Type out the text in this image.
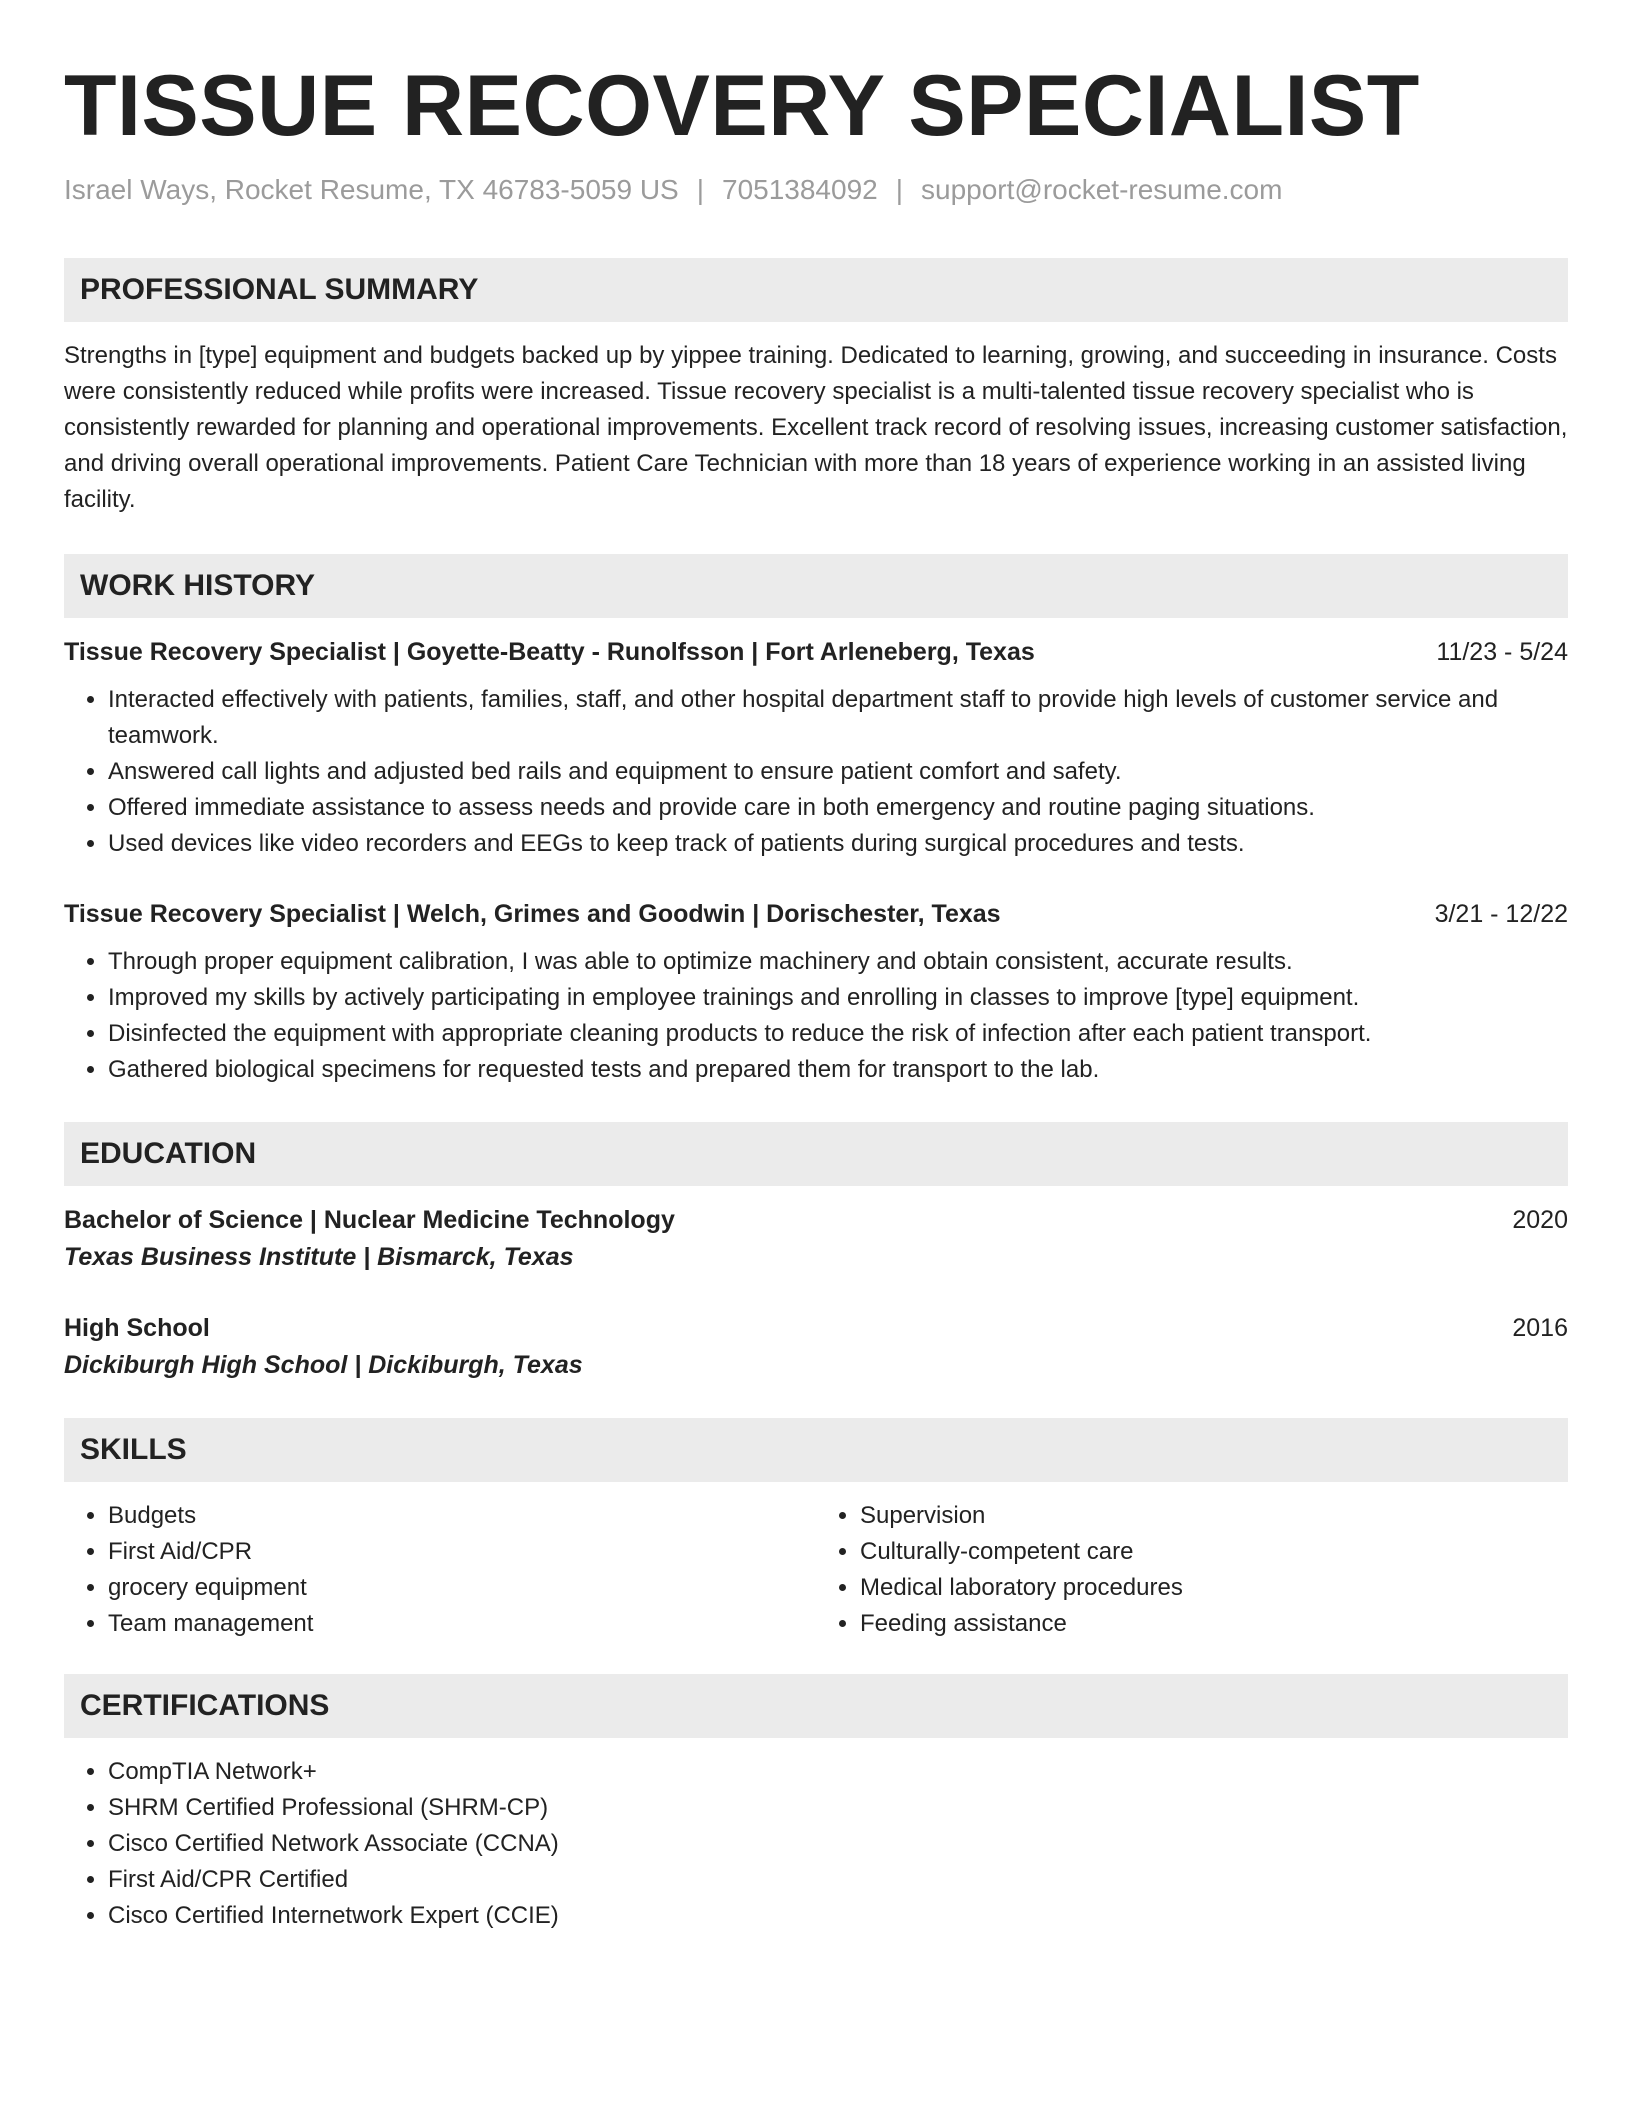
TISSUE RECOVERY SPECIALIST
Israel Ways, Rocket Resume, TX 46783-5059 US | 7051384092 | support@rocket-resume.com
PROFESSIONAL SUMMARY
Strengths in [type] equipment and budgets backed up by yippee training. Dedicated to learning, growing, and succeeding in insurance. Costs were consistently reduced while profits were increased. Tissue recovery specialist is a multi-talented tissue recovery specialist who is consistently rewarded for planning and operational improvements. Excellent track record of resolving issues, increasing customer satisfaction, and driving overall operational improvements. Patient Care Technician with more than 18 years of experience working in an assisted living facility.
WORK HISTORY
Tissue Recovery Specialist | Goyette-Beatty - Runolfsson | Fort Arleneberg, Texas	11/23 - 5/24
• Interacted effectively with patients, families, staff, and other hospital department staff to provide high levels of customer service and teamwork.
• Answered call lights and adjusted bed rails and equipment to ensure patient comfort and safety.
• Offered immediate assistance to assess needs and provide care in both emergency and routine paging situations.
• Used devices like video recorders and EEGs to keep track of patients during surgical procedures and tests.
Tissue Recovery Specialist | Welch, Grimes and Goodwin | Dorischester, Texas	3/21 - 12/22
• Through proper equipment calibration, I was able to optimize machinery and obtain consistent, accurate results.
• Improved my skills by actively participating in employee trainings and enrolling in classes to improve [type] equipment.
• Disinfected the equipment with appropriate cleaning products to reduce the risk of infection after each patient transport.
• Gathered biological specimens for requested tests and prepared them for transport to the lab.
EDUCATION
Bachelor of Science | Nuclear Medicine Technology	2020
Texas Business Institute | Bismarck, Texas
High School	2016
Dickiburgh High School | Dickiburgh, Texas
SKILLS
• Budgets
• First Aid/CPR
• grocery equipment
• Team management
• Supervision
• Culturally-competent care
• Medical laboratory procedures
• Feeding assistance
CERTIFICATIONS
• CompTIA Network+
• SHRM Certified Professional (SHRM-CP)
• Cisco Certified Network Associate (CCNA)
• First Aid/CPR Certified
• Cisco Certified Internetwork Expert (CCIE)
